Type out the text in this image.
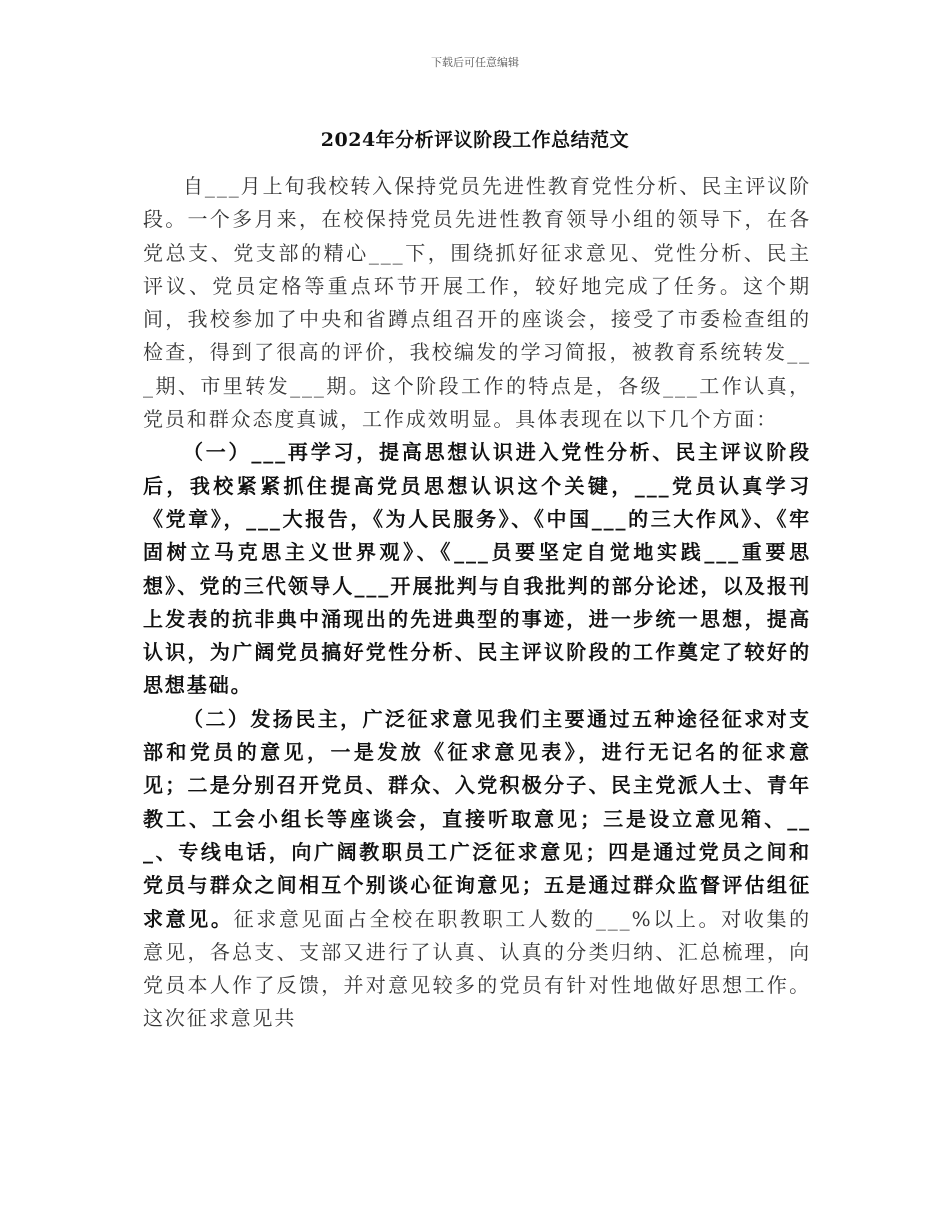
下载后可任意编辑
2024年分析评议阶段工作总结范文

自___月上旬我校转入保持党员先进性教育党性分析、民主评议阶段。一个多月来，在校保持党员先进性教育领导小组的领导下，在各党总支、党支部的精心___下，围绕抓好征求意见、党性分析、民主评议、党员定格等重点环节开展工作，较好地完成了任务。这个期间，我校参加了中央和省蹲点组召开的座谈会，接受了市委检查组的检查，得到了很高的评价，我校编发的学习简报，被教育系统转发___期、市里转发___期。这个阶段工作的特点是，各级___工作认真，党员和群众态度真诚，工作成效明显。具体表现在以下几个方面：

（一）___再学习，提高思想认识进入党性分析、民主评议阶段后，我校紧紧抓住提高党员思想认识这个关键，___党员认真学习《党章》，___大报告，《为人民服务》、《中国___的三大作风》、《牢固树立马克思主义世界观》、《___员要坚定自觉地实践___重要思想》、党的三代领导人___开展批判与自我批判的部分论述，以及报刊上发表的抗非典中涌现出的先进典型的事迹，进一步统一思想，提高认识，为广阔党员搞好党性分析、民主评议阶段的工作奠定了较好的思想基础。

（二）发扬民主，广泛征求意见我们主要通过五种途径征求对支部和党员的意见，一是发放《征求意见表》，进行无记名的征求意见；二是分别召开党员、群众、入党积极分子、民主党派人士、青年教工、工会小组长等座谈会，直接听取意见；三是设立意见箱、___、专线电话，向广阔教职员工广泛征求意见；四是通过党员之间和党员与群众之间相互个别谈心征询意见；五是通过群众监督评估组征求意见。征求意见面占全校在职教职工人数的___%以上。对收集的意见，各总支、支部又进行了认真、认真的分类归纳、汇总梳理，向党员本人作了反馈，并对意见较多的党员有针对性地做好思想工作。这次征求意见共
